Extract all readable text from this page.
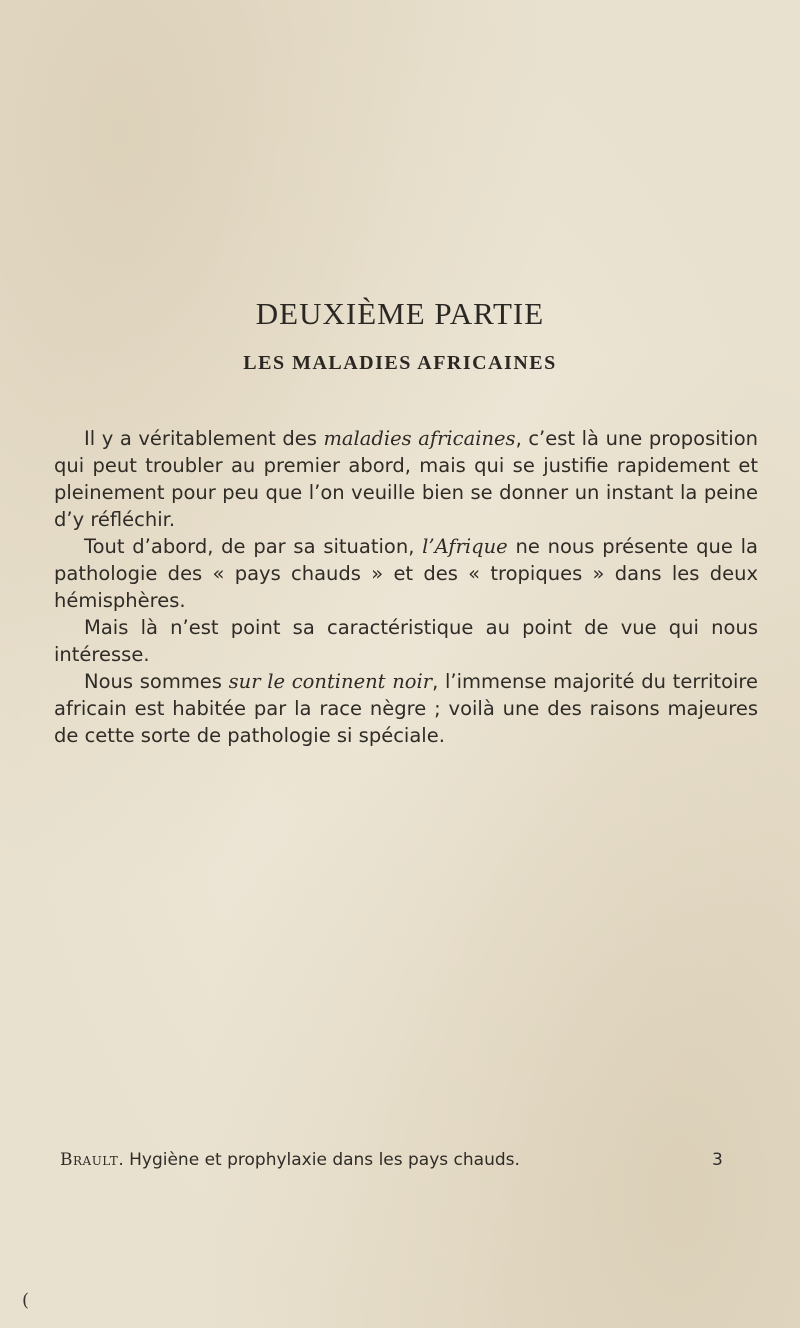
DEUXIÈME PARTIE
LES MALADIES AFRICAINES

Il y a véritablement des maladies africaines, c’est là une proposition qui peut troubler au premier abord, mais qui se justifie rapidement et pleinement pour peu que l’on veuille bien se donner un instant la peine d’y réfléchir.

Tout d’abord, de par sa situation, l’Afrique ne nous présente que la pathologie des « pays chauds » et des « tropiques » dans les deux hémisphères.

Mais là n’est point sa caractéristique au point de vue qui nous intéresse.

Nous sommes sur le continent noir, l’immense majorité du territoire africain est habitée par la race nègre ; voilà une des raisons majeures de cette sorte de pathologie si spéciale.

Brault. Hygiène et prophylaxie dans les pays chauds.	3
(
